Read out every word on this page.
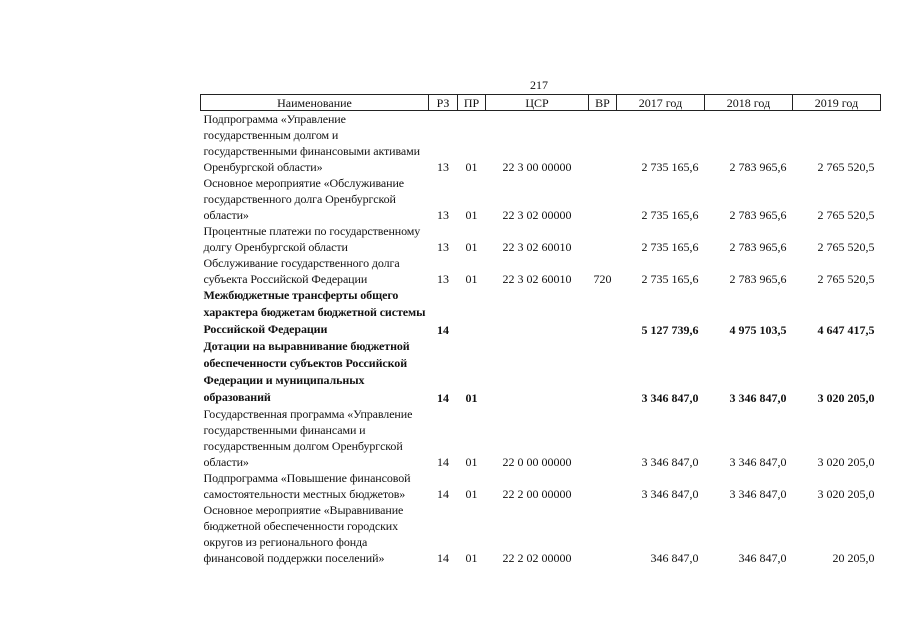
217
Наименование	РЗ	ПР	ЦСР	ВР	2017 год	2018 год	2019 год
Подпрограмма «Управление государственным долгом и государственными финансовыми активами Оренбургской области»	13	01	22 3 00 00000		2 735 165,6	2 783 965,6	2 765 520,5
Основное мероприятие «Обслуживание государственного долга Оренбургской области»	13	01	22 3 02 00000		2 735 165,6	2 783 965,6	2 765 520,5
Процентные платежи по государственному долгу Оренбургской области	13	01	22 3 02 60010		2 735 165,6	2 783 965,6	2 765 520,5
Обслуживание государственного долга субъекта Российской Федерации	13	01	22 3 02 60010	720	2 735 165,6	2 783 965,6	2 765 520,5
Межбюджетные трансферты общего характера бюджетам бюджетной системы Российской Федерации	14				5 127 739,6	4 975 103,5	4 647 417,5
Дотации на выравнивание бюджетной обеспеченности субъектов Российской Федерации и муниципальных образований	14	01			3 346 847,0	3 346 847,0	3 020 205,0
Государственная программа «Управление государственными финансами и государственным долгом Оренбургской области»	14	01	22 0 00 00000		3 346 847,0	3 346 847,0	3 020 205,0
Подпрограмма «Повышение финансовой самостоятельности местных бюджетов»	14	01	22 2 00 00000		3 346 847,0	3 346 847,0	3 020 205,0
Основное мероприятие «Выравнивание бюджетной обеспеченности городских округов из регионального фонда финансовой поддержки поселений»	14	01	22 2 02 00000		346 847,0	346 847,0	20 205,0
